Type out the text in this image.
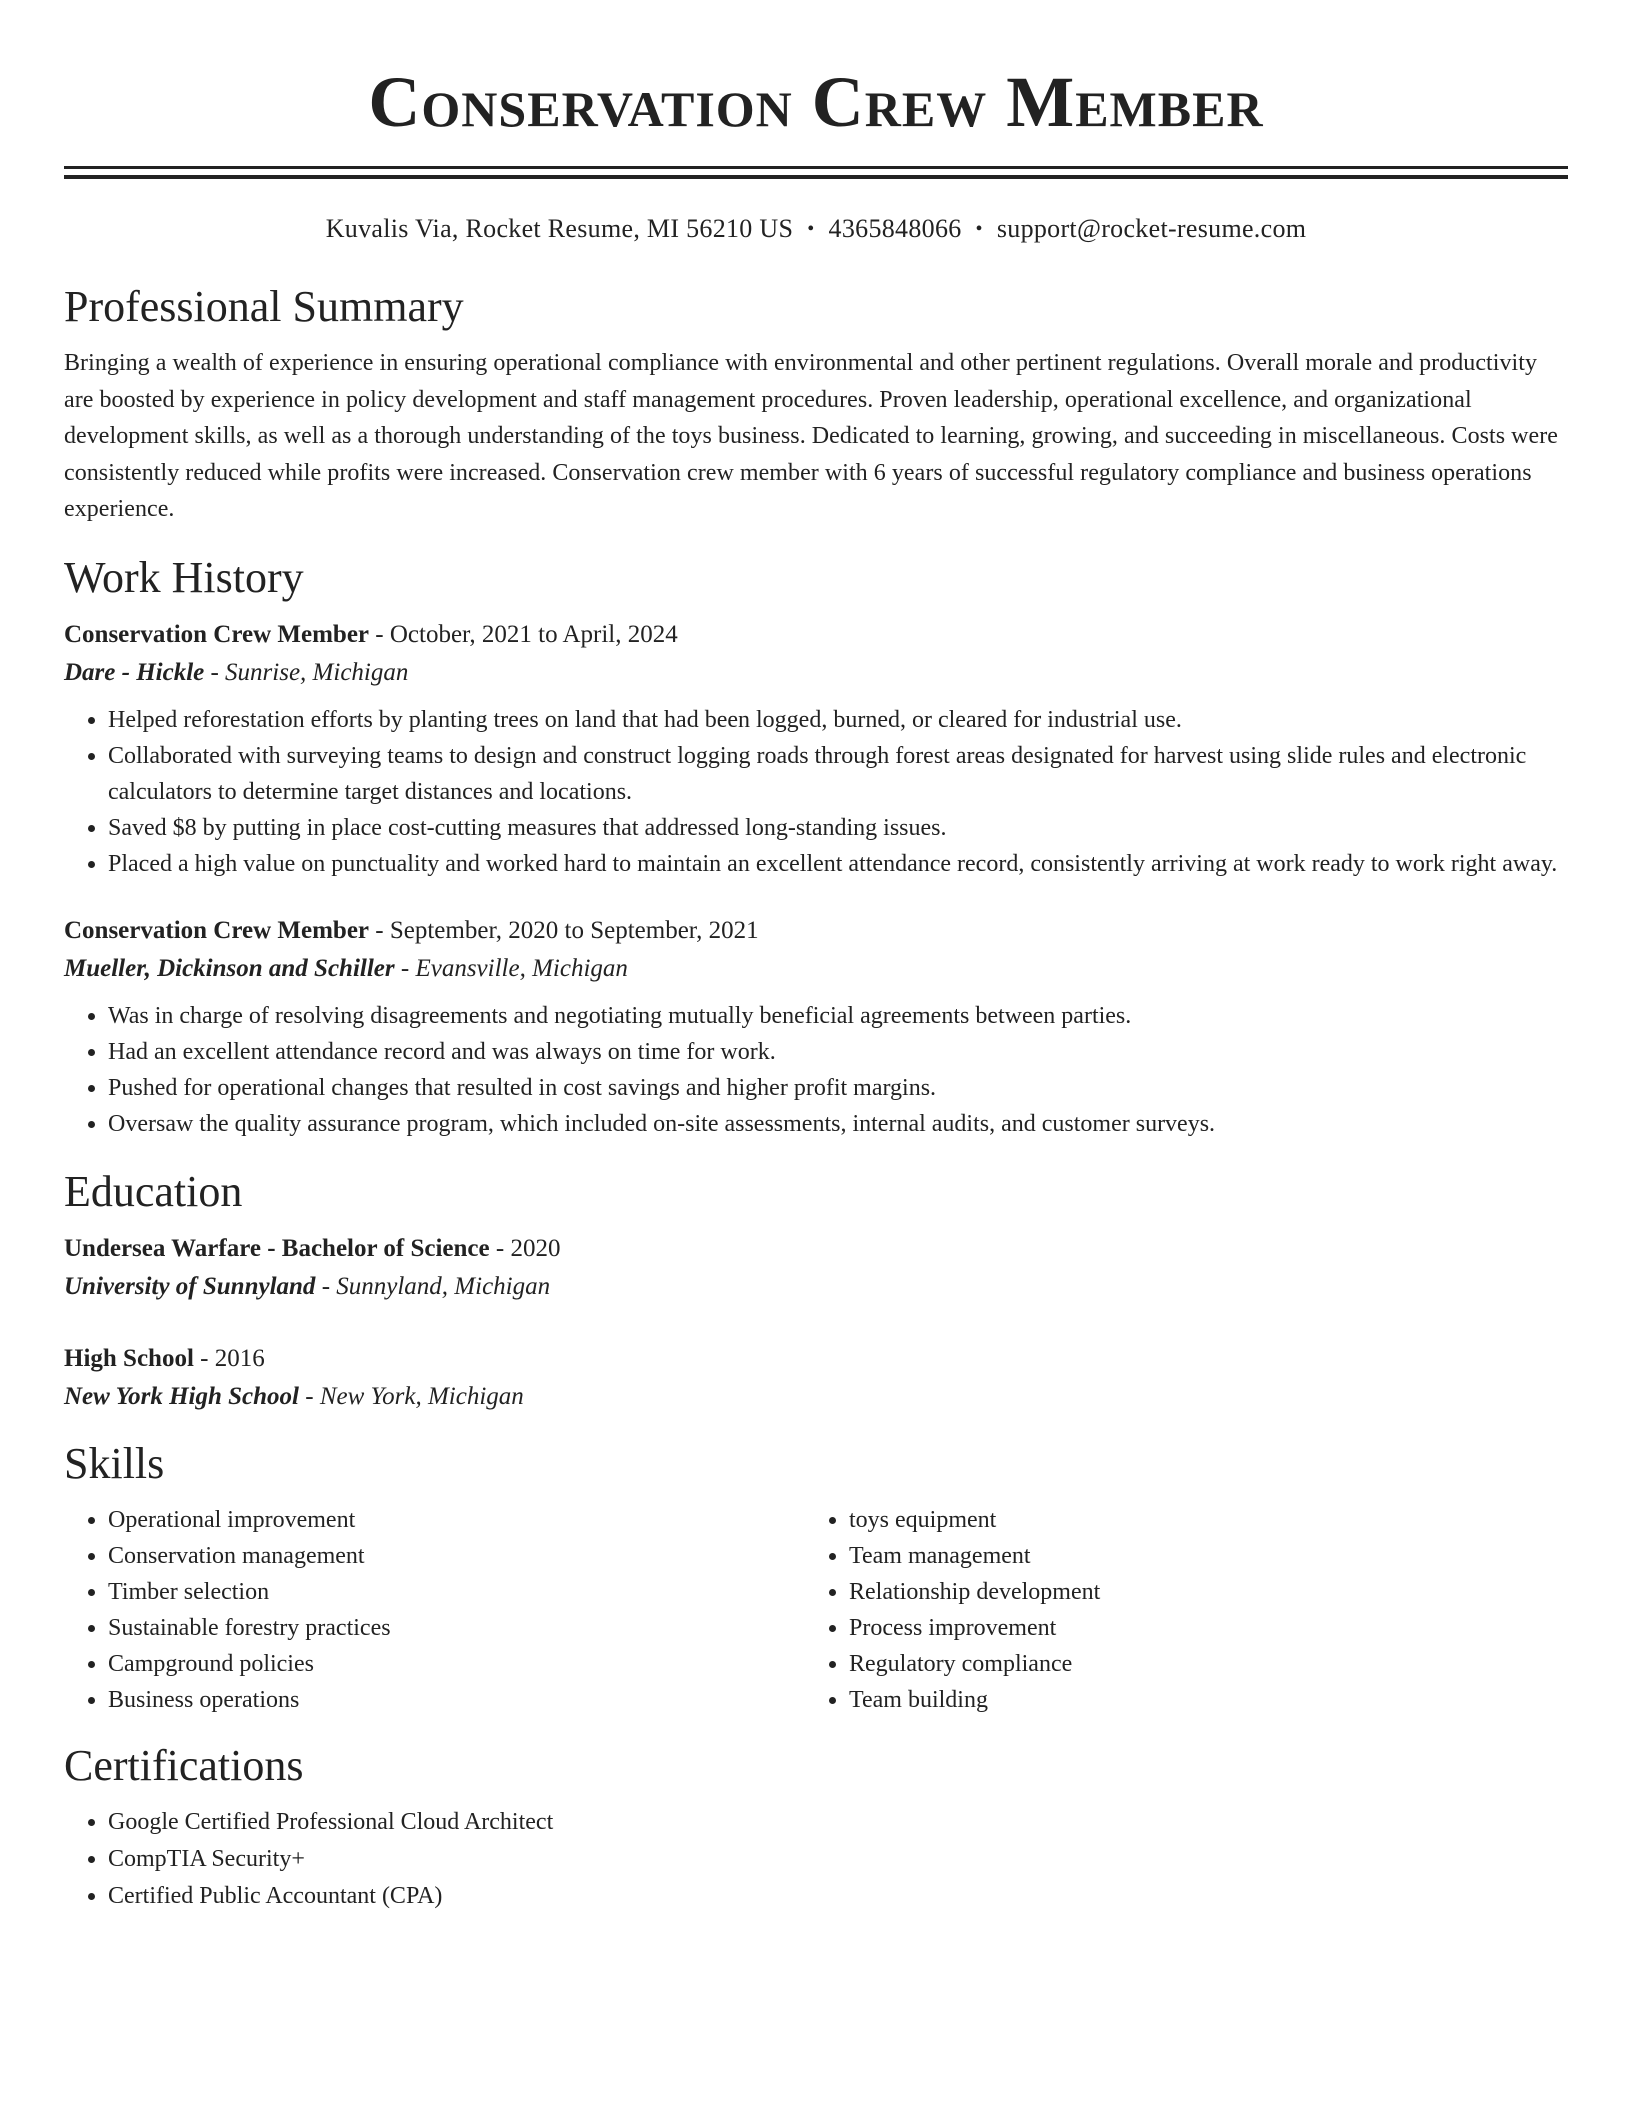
Conservation Crew Member
Kuvalis Via, Rocket Resume, MI 56210 US • 4365848066 • support@rocket-resume.com
Professional Summary

Bringing a wealth of experience in ensuring operational compliance with environmental and other pertinent regulations. Overall morale and productivity are boosted by experience in policy development and staff management procedures. Proven leadership, operational excellence, and organizational development skills, as well as a thorough understanding of the toys business. Dedicated to learning, growing, and succeeding in miscellaneous. Costs were consistently reduced while profits were increased. Conservation crew member with 6 years of successful regulatory compliance and business operations experience.

Work History
Conservation Crew Member - October, 2021 to April, 2024
Dare - Hickle - Sunrise, Michigan
• Helped reforestation efforts by planting trees on land that had been logged, burned, or cleared for industrial use.
• Collaborated with surveying teams to design and construct logging roads through forest areas designated for harvest using slide rules and electronic calculators to determine target distances and locations.
• Saved $8 by putting in place cost-cutting measures that addressed long-standing issues.
• Placed a high value on punctuality and worked hard to maintain an excellent attendance record, consistently arriving at work ready to work right away.
Conservation Crew Member - September, 2020 to September, 2021
Mueller, Dickinson and Schiller - Evansville, Michigan
• Was in charge of resolving disagreements and negotiating mutually beneficial agreements between parties.
• Had an excellent attendance record and was always on time for work.
• Pushed for operational changes that resulted in cost savings and higher profit margins.
• Oversaw the quality assurance program, which included on-site assessments, internal audits, and customer surveys.
Education
Undersea Warfare - Bachelor of Science - 2020
University of Sunnyland - Sunnyland, Michigan
High School - 2016
New York High School - New York, Michigan
Skills
• Operational improvement
• Conservation management
• Timber selection
• Sustainable forestry practices
• Campground policies
• Business operations
• toys equipment
• Team management
• Relationship development
• Process improvement
• Regulatory compliance
• Team building
Certifications
• Google Certified Professional Cloud Architect
• CompTIA Security+
• Certified Public Accountant (CPA)
